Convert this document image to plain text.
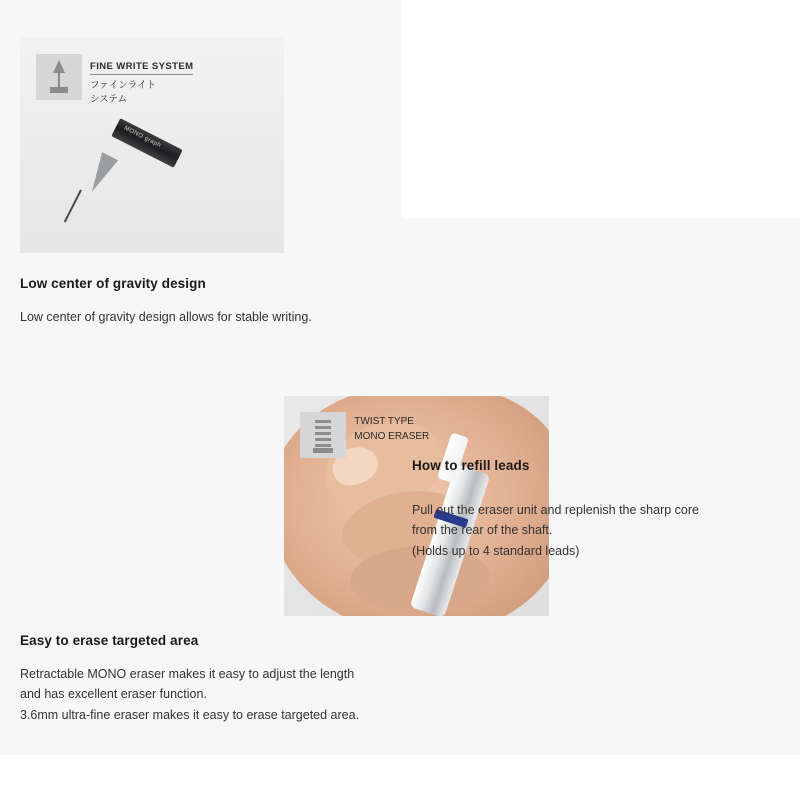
MONO graph
FINE WRITE SYSTEM
ファインライト
システム
Low center of gravity design
Low center of gravity design allows for stable writing.
TWIST TYPE
MONO ERASER
Easy to erase targeted area
Retractable MONO eraser makes it easy to adjust the length
and has excellent eraser function.
3.6mm ultra-fine eraser makes it easy to erase targeted area.
How to refill leads
Pull out the eraser unit and replenish the sharp core
from the rear of the shaft.
(Holds up to 4 standard leads)
